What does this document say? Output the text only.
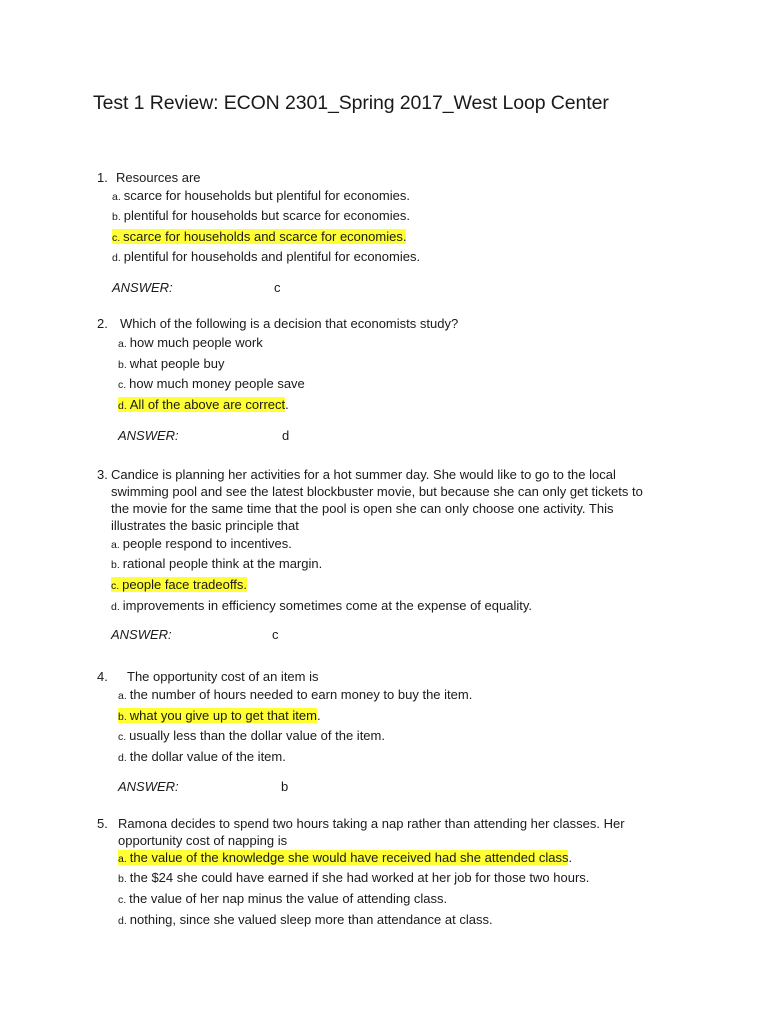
Test 1 Review: ECON 2301_Spring 2017_West Loop Center
1. Resources are
a. scarce for households but plentiful for economies.
b. plentiful for households but scarce for economies.
c. scarce for households and scarce for economies.
d. plentiful for households and plentiful for economies.
ANSWER:	c
2. Which of the following is a decision that economists study?
a. how much people work
b. what people buy
c. how much money people save
d. All of the above are correct.
ANSWER:	d
3. Candice is planning her activities for a hot summer day. She would like to go to the local
swimming pool and see the latest blockbuster movie, but because she can only get tickets to
the movie for the same time that the pool is open she can only choose one activity. This
illustrates the basic principle that
a. people respond to incentives.
b. rational people think at the margin.
c. people face tradeoffs.
d. improvements in efficiency sometimes come at the expense of equality.
ANSWER:	c
4. The opportunity cost of an item is
a. the number of hours needed to earn money to buy the item.
b. what you give up to get that item.
c. usually less than the dollar value of the item.
d. the dollar value of the item.
ANSWER:	b
5. Ramona decides to spend two hours taking a nap rather than attending her classes. Her
opportunity cost of napping is
a. the value of the knowledge she would have received had she attended class.
b. the $24 she could have earned if she had worked at her job for those two hours.
c. the value of her nap minus the value of attending class.
d. nothing, since she valued sleep more than attendance at class.
